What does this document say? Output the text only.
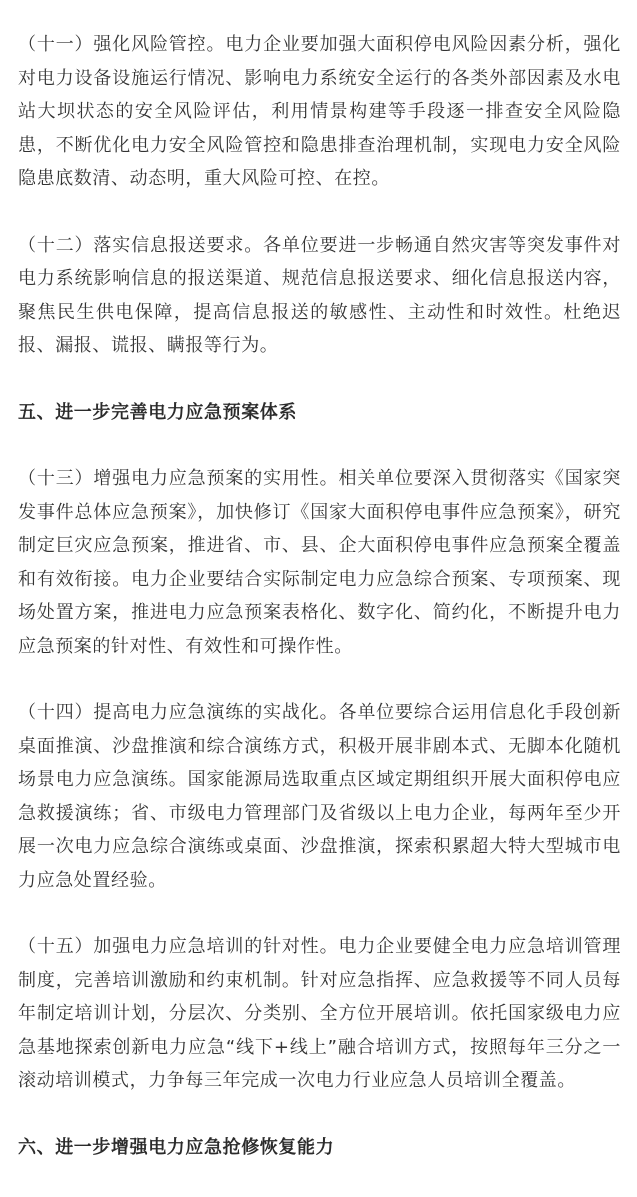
（十一）强化风险管控。电力企业要加强大面积停电风险因素分析，强化对电力设备设施运行情况、影响电力系统安全运行的各类外部因素及水电站大坝状态的安全风险评估，利用情景构建等手段逐一排查安全风险隐患，不断优化电力安全风险管控和隐患排查治理机制，实现电力安全风险隐患底数清、动态明，重大风险可控、在控。

（十二）落实信息报送要求。各单位要进一步畅通自然灾害等突发事件对电力系统影响信息的报送渠道、规范信息报送要求、细化信息报送内容，聚焦民生供电保障，提高信息报送的敏感性、主动性和时效性。杜绝迟报、漏报、谎报、瞒报等行为。

五、进一步完善电力应急预案体系

（十三）增强电力应急预案的实用性。相关单位要深入贯彻落实《国家突发事件总体应急预案》，加快修订《国家大面积停电事件应急预案》，研究制定巨灾应急预案，推进省、市、县、企大面积停电事件应急预案全覆盖和有效衔接。电力企业要结合实际制定电力应急综合预案、专项预案、现场处置方案，推进电力应急预案表格化、数字化、简约化，不断提升电力应急预案的针对性、有效性和可操作性。

（十四）提高电力应急演练的实战化。各单位要综合运用信息化手段创新桌面推演、沙盘推演和综合演练方式，积极开展非剧本式、无脚本化随机场景电力应急演练。国家能源局选取重点区域定期组织开展大面积停电应急救援演练；省、市级电力管理部门及省级以上电力企业，每两年至少开展一次电力应急综合演练或桌面、沙盘推演，探索积累超大特大型城市电力应急处置经验。

（十五）加强电力应急培训的针对性。电力企业要健全电力应急培训管理制度，完善培训激励和约束机制。针对应急指挥、应急救援等不同人员每年制定培训计划，分层次、分类别、全方位开展培训。依托国家级电力应急基地探索创新电力应急“线下+线上”融合培训方式，按照每年三分之一滚动培训模式，力争每三年完成一次电力行业应急人员培训全覆盖。

六、进一步增强电力应急抢修恢复能力
